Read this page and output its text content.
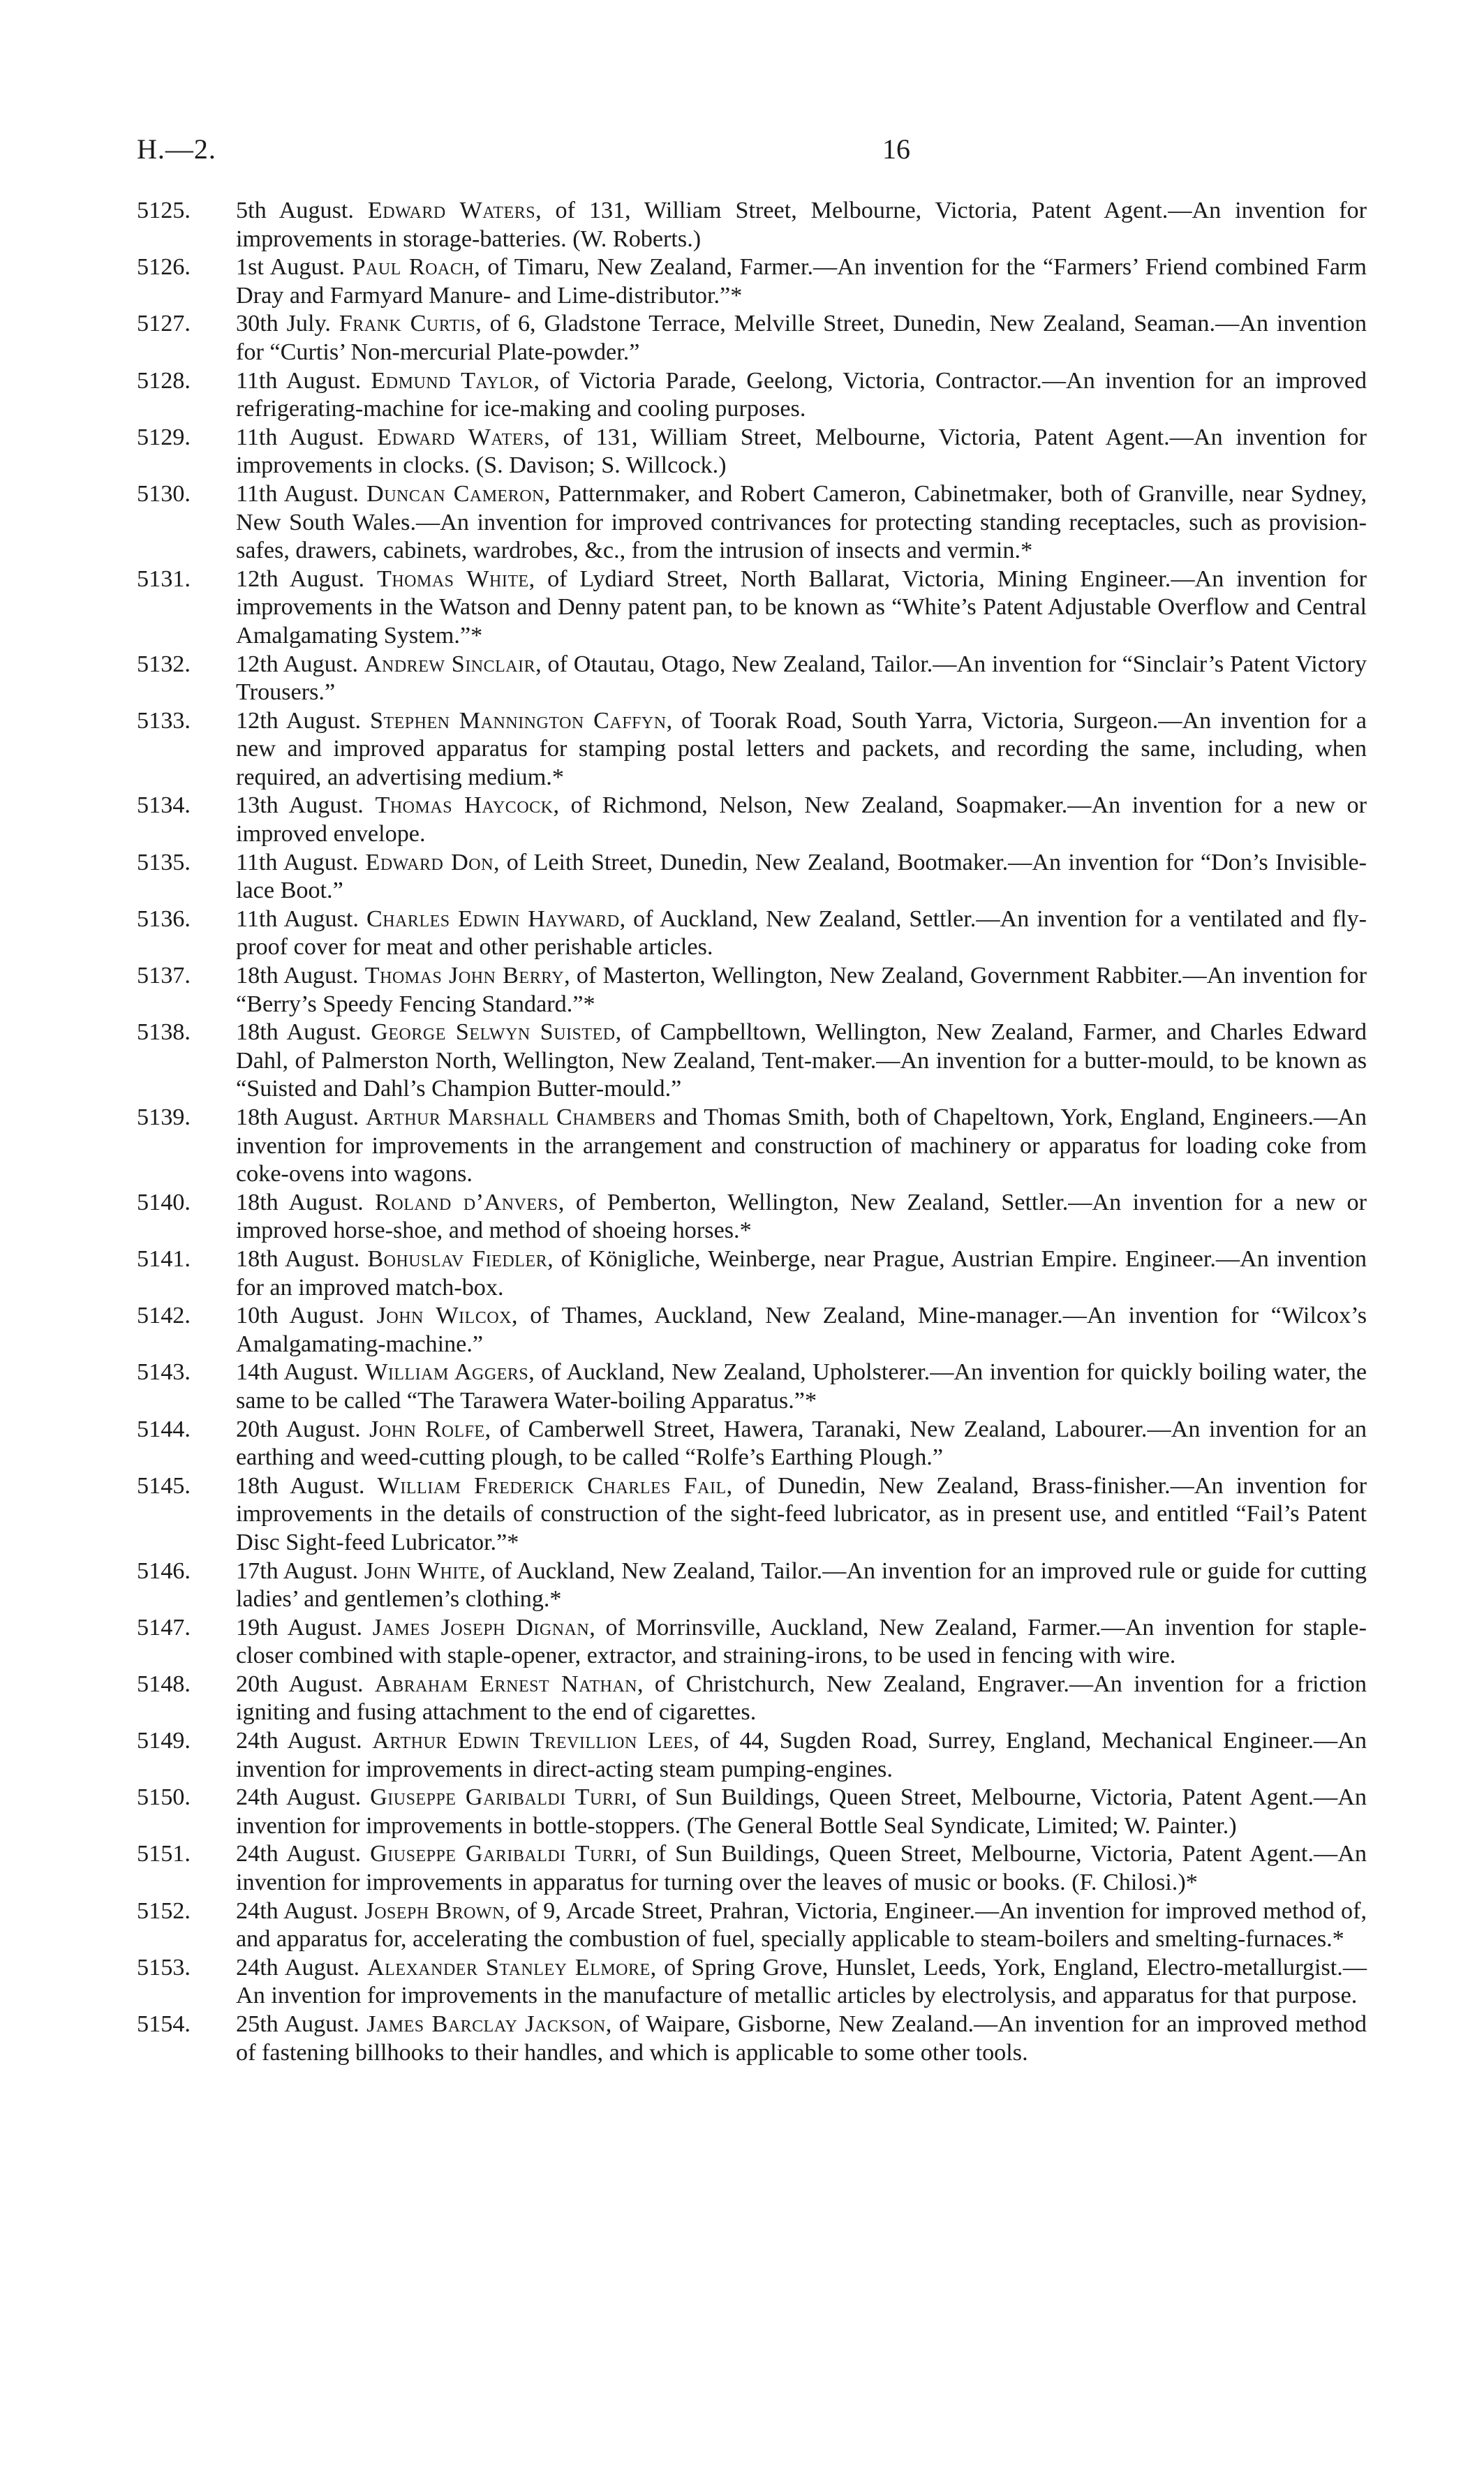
H.—2.	16
5125.	5th August. Edward Waters, of 131, William Street, Melbourne, Victoria, Patent Agent.—An invention for improvements in storage-batteries. (W. Roberts.)
5126.	1st August. Paul Roach, of Timaru, New Zealand, Farmer.—An invention for the “Farmers’ Friend combined Farm Dray and Farmyard Manure- and Lime-distributor.”*
5127.	30th July. Frank Curtis, of 6, Gladstone Terrace, Melville Street, Dunedin, New Zealand, Seaman.—An invention for “Curtis’ Non-mercurial Plate-powder.”
5128.	11th August. Edmund Taylor, of Victoria Parade, Geelong, Victoria, Contractor.—An invention for an improved refrigerating-machine for ice-making and cooling purposes.
5129.	11th August. Edward Waters, of 131, William Street, Melbourne, Victoria, Patent Agent.—An invention for improvements in clocks. (S. Davison; S. Willcock.)
5130.	11th August. Duncan Cameron, Patternmaker, and Robert Cameron, Cabinetmaker, both of Granville, near Sydney, New South Wales.—An invention for improved contrivances for protecting standing receptacles, such as provision-safes, drawers, cabinets, wardrobes, &c., from the intrusion of insects and vermin.*
5131.	12th August. Thomas White, of Lydiard Street, North Ballarat, Victoria, Mining Engineer.—An invention for improvements in the Watson and Denny patent pan, to be known as “White’s Patent Adjustable Overflow and Central Amalgamating System.”*
5132.	12th August. Andrew Sinclair, of Otautau, Otago, New Zealand, Tailor.—An invention for “Sinclair’s Patent Victory Trousers.”
5133.	12th August. Stephen Mannington Caffyn, of Toorak Road, South Yarra, Victoria, Surgeon.—An invention for a new and improved apparatus for stamping postal letters and packets, and recording the same, including, when required, an advertising medium.*
5134.	13th August. Thomas Haycock, of Richmond, Nelson, New Zealand, Soapmaker.—An invention for a new or improved envelope.
5135.	11th August. Edward Don, of Leith Street, Dunedin, New Zealand, Bootmaker.—An invention for “Don’s Invisible-lace Boot.”
5136.	11th August. Charles Edwin Hayward, of Auckland, New Zealand, Settler.—An invention for a ventilated and fly-proof cover for meat and other perishable articles.
5137.	18th August. Thomas John Berry, of Masterton, Wellington, New Zealand, Government Rabbiter.—An invention for “Berry’s Speedy Fencing Standard.”*
5138.	18th August. George Selwyn Suisted, of Campbelltown, Wellington, New Zealand, Farmer, and Charles Edward Dahl, of Palmerston North, Wellington, New Zealand, Tent-maker.—An invention for a butter-mould, to be known as “Suisted and Dahl’s Champion Butter-mould.”
5139.	18th August. Arthur Marshall Chambers and Thomas Smith, both of Chapeltown, York, England, Engineers.—An invention for improvements in the arrangement and construction of machinery or apparatus for loading coke from coke-ovens into wagons.
5140.	18th August. Roland d’Anvers, of Pemberton, Wellington, New Zealand, Settler.—An invention for a new or improved horse-shoe, and method of shoeing horses.*
5141.	18th August. Bohuslav Fiedler, of Königliche, Weinberge, near Prague, Austrian Empire. Engineer.—An invention for an improved match-box.
5142.	10th August. John Wilcox, of Thames, Auckland, New Zealand, Mine-manager.—An invention for “Wilcox’s Amalgamating-machine.”
5143.	14th August. William Aggers, of Auckland, New Zealand, Upholsterer.—An invention for quickly boiling water, the same to be called “The Tarawera Water-boiling Apparatus.”*
5144.	20th August. John Rolfe, of Camberwell Street, Hawera, Taranaki, New Zealand, Labourer.—An invention for an earthing and weed-cutting plough, to be called “Rolfe’s Earthing Plough.”
5145.	18th August. William Frederick Charles Fail, of Dunedin, New Zealand, Brass-finisher.—An invention for improvements in the details of construction of the sight-feed lubricator, as in present use, and entitled “Fail’s Patent Disc Sight-feed Lubricator.”*
5146.	17th August. John White, of Auckland, New Zealand, Tailor.—An invention for an improved rule or guide for cutting ladies’ and gentlemen’s clothing.*
5147.	19th August. James Joseph Dignan, of Morrinsville, Auckland, New Zealand, Farmer.—An invention for staple-closer combined with staple-opener, extractor, and straining-irons, to be used in fencing with wire.
5148.	20th August. Abraham Ernest Nathan, of Christchurch, New Zealand, Engraver.—An invention for a friction igniting and fusing attachment to the end of cigarettes.
5149.	24th August. Arthur Edwin Trevillion Lees, of 44, Sugden Road, Surrey, England, Mechanical Engineer.—An invention for improvements in direct-acting steam pumping-engines.
5150.	24th August. Giuseppe Garibaldi Turri, of Sun Buildings, Queen Street, Melbourne, Victoria, Patent Agent.—An invention for improvements in bottle-stoppers. (The General Bottle Seal Syndicate, Limited; W. Painter.)
5151.	24th August. Giuseppe Garibaldi Turri, of Sun Buildings, Queen Street, Melbourne, Victoria, Patent Agent.—An invention for improvements in apparatus for turning over the leaves of music or books. (F. Chilosi.)*
5152.	24th August. Joseph Brown, of 9, Arcade Street, Prahran, Victoria, Engineer.—An invention for improved method of, and apparatus for, accelerating the combustion of fuel, specially applicable to steam-boilers and smelting-furnaces.*
5153.	24th August. Alexander Stanley Elmore, of Spring Grove, Hunslet, Leeds, York, England, Electro-metallurgist.—An invention for improvements in the manufacture of metallic articles by electrolysis, and apparatus for that purpose.
5154.	25th August. James Barclay Jackson, of Waipare, Gisborne, New Zealand.—An invention for an improved method of fastening billhooks to their handles, and which is applicable to some other tools.
